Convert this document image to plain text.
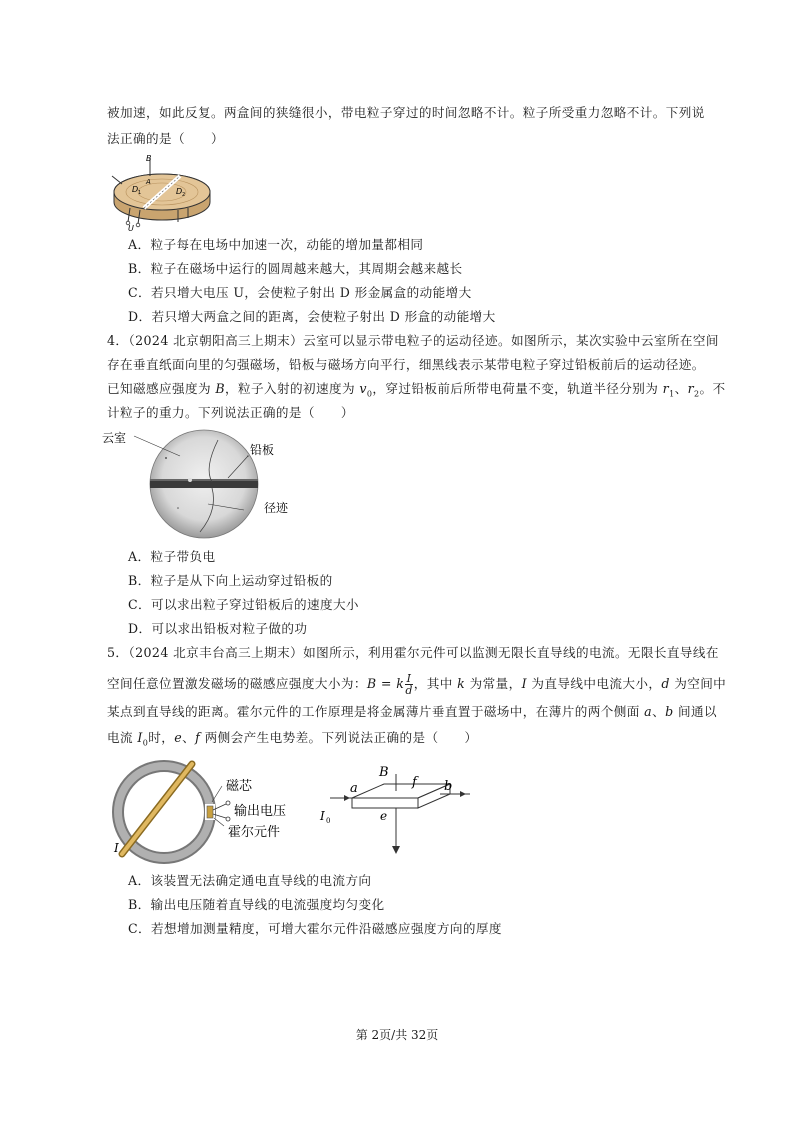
被加速，如此反复。两盒间的狭缝很小，带电粒子穿过的时间忽略不计。粒子所受重力忽略不计。下列说
法正确的是（　　）
B
D 1
A
D 2
U
A．粒子每在电场中加速一次，动能的增加量都相同
B．粒子在磁场中运行的圆周越来越大，其周期会越来越长
C．若只增大电压 U，会使粒子射出 D 形金属盒的动能增大
D．若只增大两盒之间的距离，会使粒子射出 D 形盒的动能增大
4．（2024 北京朝阳高三上期末）云室可以显示带电粒子的运动径迹。如图所示，某次实验中云室所在空间
存在垂直纸面向里的匀强磁场，铅板与磁场方向平行，细黑线表示某带电粒子穿过铅板前后的运动径迹。
已知磁感应强度为 B，粒子入射的初速度为 $v_0$，穿过铅板前后所带电荷量不变，轨道半径分别为 $r_1$、$r_2$。不
计粒子的重力。下列说法正确的是（　　）
云室
铅板
径迹
A．粒子带负电
B．粒子是从下向上运动穿过铅板的
C．可以求出粒子穿过铅板后的速度大小
D．可以求出铅板对粒子做的功
5．（2024 北京丰台高三上期末）如图所示，利用霍尔元件可以监测无限长直导线的电流。无限长直导线在
空间任意位置激发磁场的磁感应强度大小为：B = k $\frac{I}{d}$ ，其中 k 为常量，I 为直导线中电流大小，d 为空间中
某点到直导线的距离。霍尔元件的工作原理是将金属薄片垂直置于磁场中，在薄片的两个侧面 a、b 间通以
电流 $I_0$时，e、f 两侧会产生电势差。下列说法正确的是（　　）
磁芯
输出电压
霍尔元件
I
B
f
a	b
e
I 0
A．该装置无法确定通电直导线的电流方向
B．输出电压随着直导线的电流强度均匀变化
C．若想增加测量精度，可增大霍尔元件沿磁感应强度方向的厚度
第 2页/共 32页
